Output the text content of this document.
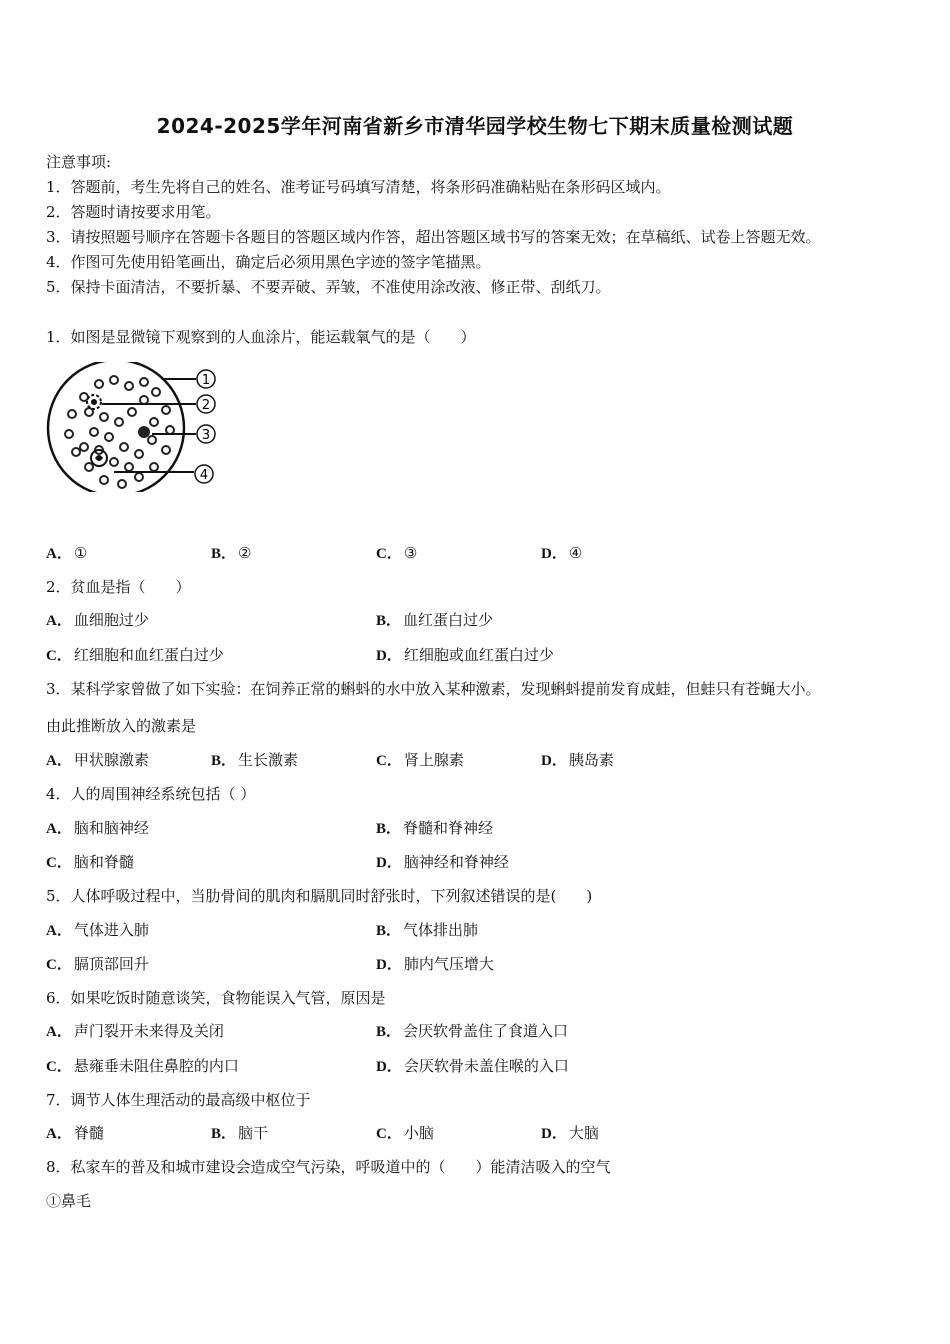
2024-2025学年河南省新乡市清华园学校生物七下期末质量检测试题
注意事项:
1．答题前，考生先将自己的姓名、准考证号码填写清楚，将条形码准确粘贴在条形码区域内。
2．答题时请按要求用笔。
3．请按照题号顺序在答题卡各题目的答题区域内作答，超出答题区域书写的答案无效；在草稿纸、试卷上答题无效。
4．作图可先使用铅笔画出，确定后必须用黑色字迹的签字笔描黑。
5．保持卡面清洁，不要折暴、不要弄破、弄皱，不准使用涂改液、修正带、刮纸刀。
1．如图是显微镜下观察到的人血涂片，能运载氧气的是（　　）
1
2
3
4
A． ①	B． ②	C． ③	D． ④
2．贫血是指（　　）
A． 血细胞过少	B． 血红蛋白过少
C． 红细胞和血红蛋白过少	D． 红细胞或血红蛋白过少
3．某科学家曾做了如下实验：在饲养正常的蝌蚪的水中放入某种激素，发现蝌蚪提前发育成蛙，但蛙只有苍蝇大小。
由此推断放入的激素是
A． 甲状腺激素	B． 生长激素	C． 肾上腺素	D． 胰岛素
4．人的周围神经系统包括（ ）
A． 脑和脑神经	B． 脊髓和脊神经
C． 脑和脊髓	D． 脑神经和脊神经
5．人体呼吸过程中，当肋骨间的肌肉和膈肌同时舒张时，下列叙述错误的是(　　)
A． 气体进入肺	B． 气体排出肺
C． 膈顶部回升	D． 肺内气压增大
6．如果吃饭时随意谈笑，食物能误入气管，原因是
A． 声门裂开未来得及关闭	B． 会厌软骨盖住了食道入口
C． 悬雍垂未阻住鼻腔的内口	D． 会厌软骨未盖住喉的入口
7．调节人体生理活动的最高级中枢位于
A． 脊髓	B． 脑干	C． 小脑	D． 大脑
8．私家车的普及和城市建设会造成空气污染，呼吸道中的（　　）能清洁吸入的空气
①鼻毛
